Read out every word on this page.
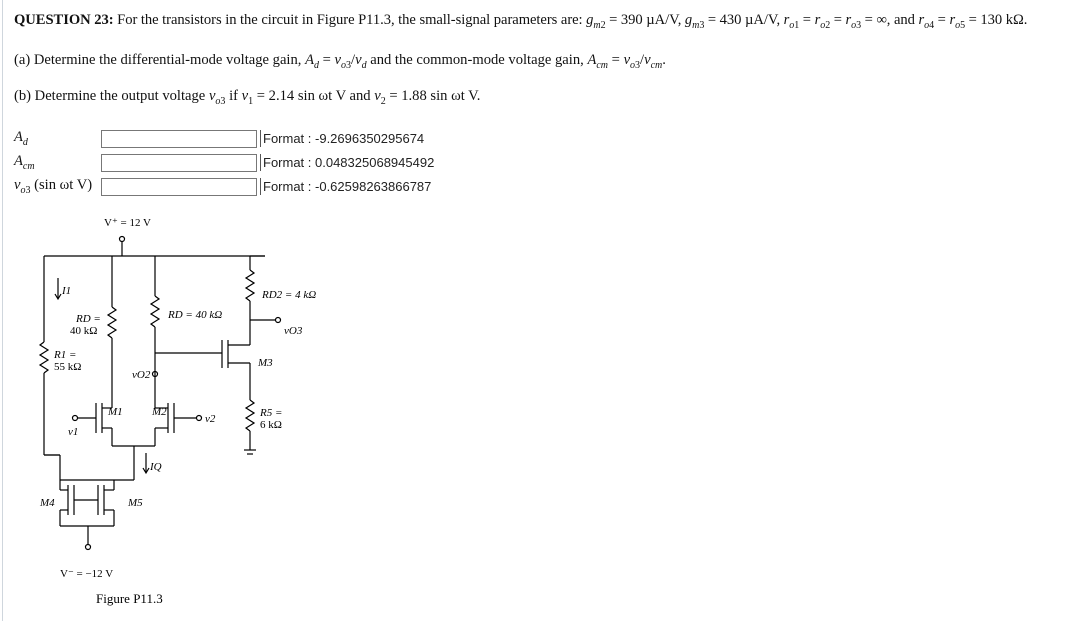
QUESTION 23: For the transistors in the circuit in Figure P11.3, the small-signal parameters are: $g_{m2} = 390$ µA/V, $g_{m3} = 430$ µA/V, $r_{o1} = r_{o2} = r_{o3}$ = ∞, and $r_{o4} = r_{o5} = 130$ kΩ.
(a) Determine the differential-mode voltage gain, $A_d = v_{o3}/v_d$ and the common-mode voltage gain, $A_{cm} = v_{o3}/v_{cm}$.
(b) Determine the output voltage $v_{o3}$ if $v_1 = 2.14$ sin ωt V and $v_2 = 1.88$ sin ωt V.
$A_d$	Format : -9.2696350295674
$A_{cm}$	Format : 0.048325068945492
$v_{o3}$ (sin ωt V)	Format : -0.62598263866787
V⁺ = 12 V
I1
RD =
40 kΩ
R1 =
55 kΩ
RD = 40 kΩ
RD2 = 4 kΩ
vO3
vO2
M3
M1	M2
v1
v2	R5 =
6 kΩ
IQ
M4	M5
V⁻ = −12 V
Figure P11.3
